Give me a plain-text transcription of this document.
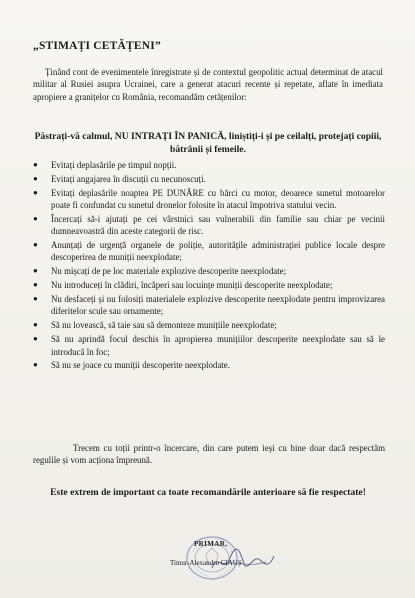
„STIMAȚI CETĂȚENI”

Ținând cont de evenimentele înregistrate și de contextul geopolitic actual determinat de atacul militar al Rusiei asupra Ucrainei, care a generat atacuri recente și repetate, aflate în imediata apropiere a granițelor cu România, recomandăm cetățenilor:

Păstrați-vă calmul, NU INTRAȚI ÎN PANICĂ, liniștiți-i și pe ceilalți, protejați copiii, bătrânii și femeile.

● Evitați deplasările pe timpul nopții.
● Evitați angajarea în discuții cu necunoscuți.
● Evitați deplasările noaptea PE DUNĂRE cu bărci cu motor, deoarece sunetul motoarelor poate fi confundat cu sunetul dronelor folosite în atacul împotriva statului vecin.
● Încercați să-i ajutați pe cei vârstnici sau vulnerabili din familie sau chiar pe vecinii dumneavoastră din aceste categorii de risc.
● Anunțați de urgență organele de poliție, autoritățile administrației publice locale despre descoperirea de muniții neexplodate;
● Nu mișcați de pe loc materiale explozive descoperite neexplodate;
● Nu introduceți în clădiri, încăperi sau locuințe muniții descoperite neexplodate;
● Nu desfaceți și nu folosiți materialele explozive descoperite neexplodate pentru improvizarea diferitelor scule sau ornamente;
● Să nu lovească, să taie sau să demonteze munițiile neexplodate;
● Să nu aprindă focul deschis în apropierea munițiilor descoperite neexplodate sau să le introducă în foc;
● Să nu se joace cu muniții descoperite neexplodate.

Trecem cu toții printr-o încercare, din care putem ieși cu bine doar dacă respectăm regulile și vom acționa împreună.

Este extrem de important ca toate recomandările anterioare să fie respectate!

PRIMAR,
Timur-Alexandru CIAUȘ
